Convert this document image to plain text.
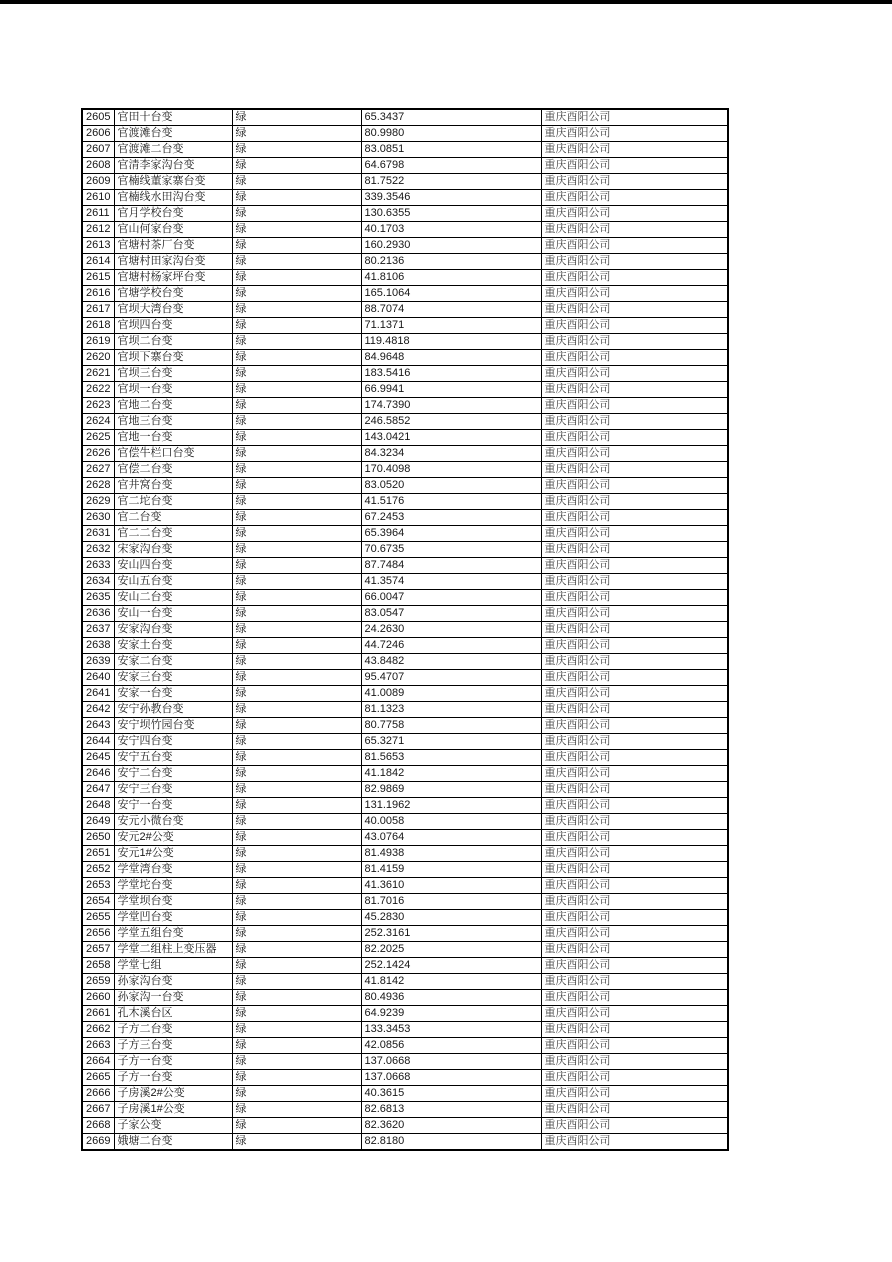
2605	官田十台变	绿	65.3437	重庆酉阳公司
2606	官渡滩台变	绿	80.9980	重庆酉阳公司
2607	官渡滩二台变	绿	83.0851	重庆酉阳公司
2608	官清李家沟台变	绿	64.6798	重庆酉阳公司
2609	官楠线董家寨台变	绿	81.7522	重庆酉阳公司
2610	官楠线水田沟台变	绿	339.3546	重庆酉阳公司
2611	官月学校台变	绿	130.6355	重庆酉阳公司
2612	官山何家台变	绿	40.1703	重庆酉阳公司
2613	官塘村茶厂台变	绿	160.2930	重庆酉阳公司
2614	官塘村田家沟台变	绿	80.2136	重庆酉阳公司
2615	官塘村杨家坪台变	绿	41.8106	重庆酉阳公司
2616	官塘学校台变	绿	165.1064	重庆酉阳公司
2617	官坝大湾台变	绿	88.7074	重庆酉阳公司
2618	官坝四台变	绿	71.1371	重庆酉阳公司
2619	官坝二台变	绿	119.4818	重庆酉阳公司
2620	官坝下寨台变	绿	84.9648	重庆酉阳公司
2621	官坝三台变	绿	183.5416	重庆酉阳公司
2622	官坝一台变	绿	66.9941	重庆酉阳公司
2623	官地二台变	绿	174.7390	重庆酉阳公司
2624	官地三台变	绿	246.5852	重庆酉阳公司
2625	官地一台变	绿	143.0421	重庆酉阳公司
2626	官偿牛栏口台变	绿	84.3234	重庆酉阳公司
2627	官偿二台变	绿	170.4098	重庆酉阳公司
2628	官井窝台变	绿	83.0520	重庆酉阳公司
2629	官二坨台变	绿	41.5176	重庆酉阳公司
2630	官二台变	绿	67.2453	重庆酉阳公司
2631	官二二台变	绿	65.3964	重庆酉阳公司
2632	宋家沟台变	绿	70.6735	重庆酉阳公司
2633	安山四台变	绿	87.7484	重庆酉阳公司
2634	安山五台变	绿	41.3574	重庆酉阳公司
2635	安山二台变	绿	66.0047	重庆酉阳公司
2636	安山一台变	绿	83.0547	重庆酉阳公司
2637	安家沟台变	绿	24.2630	重庆酉阳公司
2638	安家土台变	绿	44.7246	重庆酉阳公司
2639	安家二台变	绿	43.8482	重庆酉阳公司
2640	安家三台变	绿	95.4707	重庆酉阳公司
2641	安家一台变	绿	41.0089	重庆酉阳公司
2642	安宁孙教台变	绿	81.1323	重庆酉阳公司
2643	安宁坝竹园台变	绿	80.7758	重庆酉阳公司
2644	安宁四台变	绿	65.3271	重庆酉阳公司
2645	安宁五台变	绿	81.5653	重庆酉阳公司
2646	安宁二台变	绿	41.1842	重庆酉阳公司
2647	安宁三台变	绿	82.9869	重庆酉阳公司
2648	安宁一台变	绿	131.1962	重庆酉阳公司
2649	安元小微台变	绿	40.0058	重庆酉阳公司
2650	安元2#公变	绿	43.0764	重庆酉阳公司
2651	安元1#公变	绿	81.4938	重庆酉阳公司
2652	学堂湾台变	绿	81.4159	重庆酉阳公司
2653	学堂坨台变	绿	41.3610	重庆酉阳公司
2654	学堂坝台变	绿	81.7016	重庆酉阳公司
2655	学堂凹台变	绿	45.2830	重庆酉阳公司
2656	学堂五组台变	绿	252.3161	重庆酉阳公司
2657	学堂二组柱上变压器	绿	82.2025	重庆酉阳公司
2658	学堂七组	绿	252.1424	重庆酉阳公司
2659	孙家沟台变	绿	41.8142	重庆酉阳公司
2660	孙家沟一台变	绿	80.4936	重庆酉阳公司
2661	孔木溪台区	绿	64.9239	重庆酉阳公司
2662	子方二台变	绿	133.3453	重庆酉阳公司
2663	子方三台变	绿	42.0856	重庆酉阳公司
2664	子方一台变	绿	137.0668	重庆酉阳公司
2665	子方一台变	绿	137.0668	重庆酉阳公司
2666	子房溪2#公变	绿	40.3615	重庆酉阳公司
2667	子房溪1#公变	绿	82.6813	重庆酉阳公司
2668	子家公变	绿	82.3620	重庆酉阳公司
2669	娥塘二台变	绿	82.8180	重庆酉阳公司
